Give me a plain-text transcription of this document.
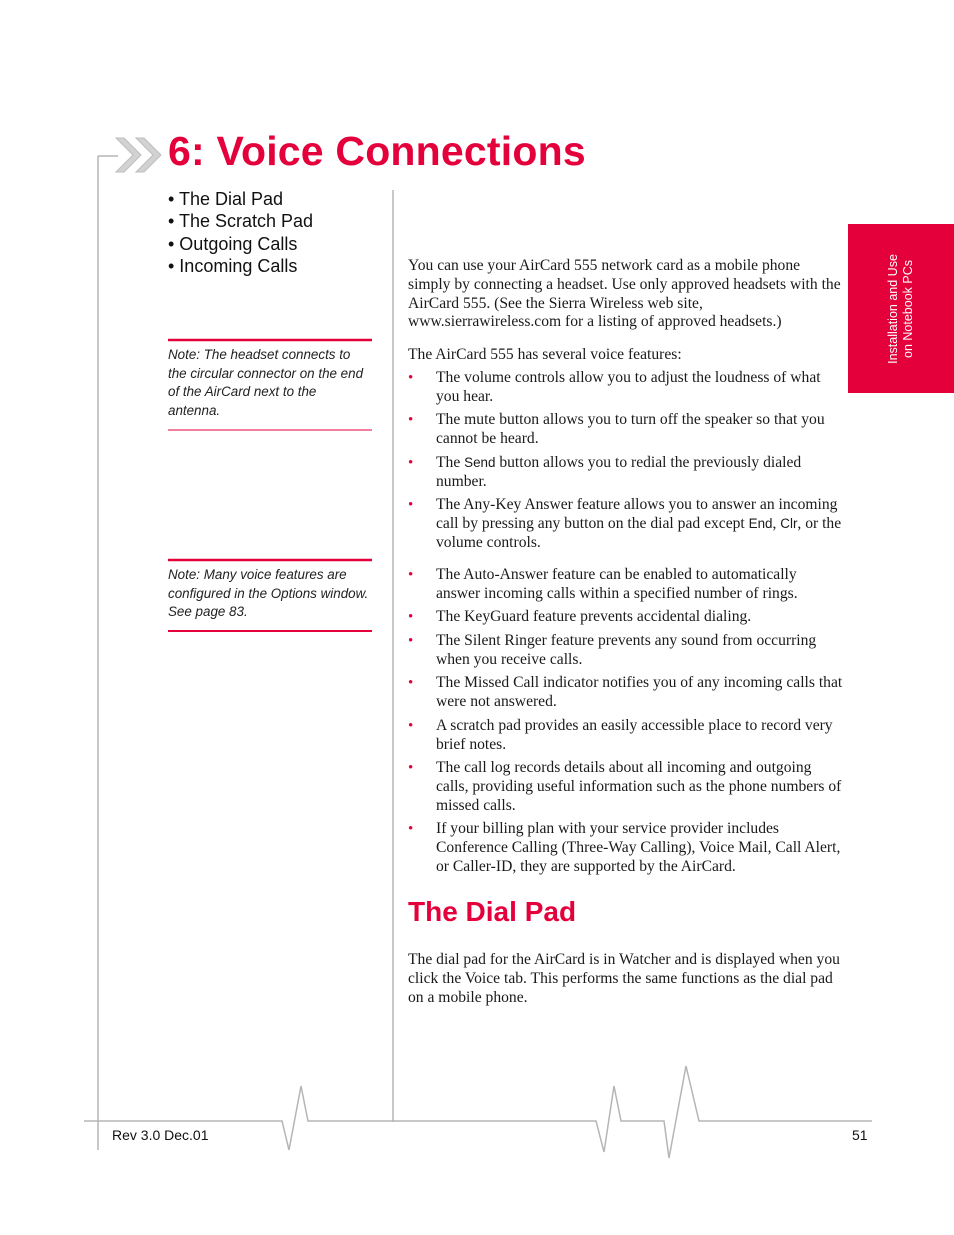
6: Voice Connections
Installation and Use on Notebook PCs
• The Dial Pad
• The Scratch Pad
• Outgoing Calls
• Incoming Calls
Note: The headset connects to the circular connector on the end of the AirCard next to the antenna.
Note: Many voice features are configured in the Options window. See page 83.

You can use your AirCard 555 network card as a mobile phone simply by connecting a headset. Use only approved headsets with the AirCard 555. (See the Sierra Wireless web site, www.sierrawireless.com for a listing of approved headsets.)

The AirCard 555 has several voice features:

• The volume controls allow you to adjust the loudness of what you hear.
• The mute button allows you to turn off the speaker so that you cannot be heard.
• The Send button allows you to redial the previously dialed number.
• The Any-Key Answer feature allows you to answer an incoming call by pressing any button on the dial pad except End, Clr, or the volume controls.
• The Auto-Answer feature can be enabled to automatically answer incoming calls within a specified number of rings.
• The KeyGuard feature prevents accidental dialing.
• The Silent Ringer feature prevents any sound from occurring when you receive calls.
• The Missed Call indicator notifies you of any incoming calls that were not answered.
• A scratch pad provides an easily accessible place to record very brief notes.
• The call log records details about all incoming and outgoing calls, providing useful information such as the phone numbers of missed calls.
• If your billing plan with your service provider includes Conference Calling (Three-Way Calling), Voice Mail, Call Alert, or Caller-ID, they are supported by the AirCard.
The Dial Pad

The dial pad for the AirCard is in Watcher and is displayed when you click the Voice tab. This performs the same functions as the dial pad on a mobile phone.

Rev 3.0 Dec.01	51
